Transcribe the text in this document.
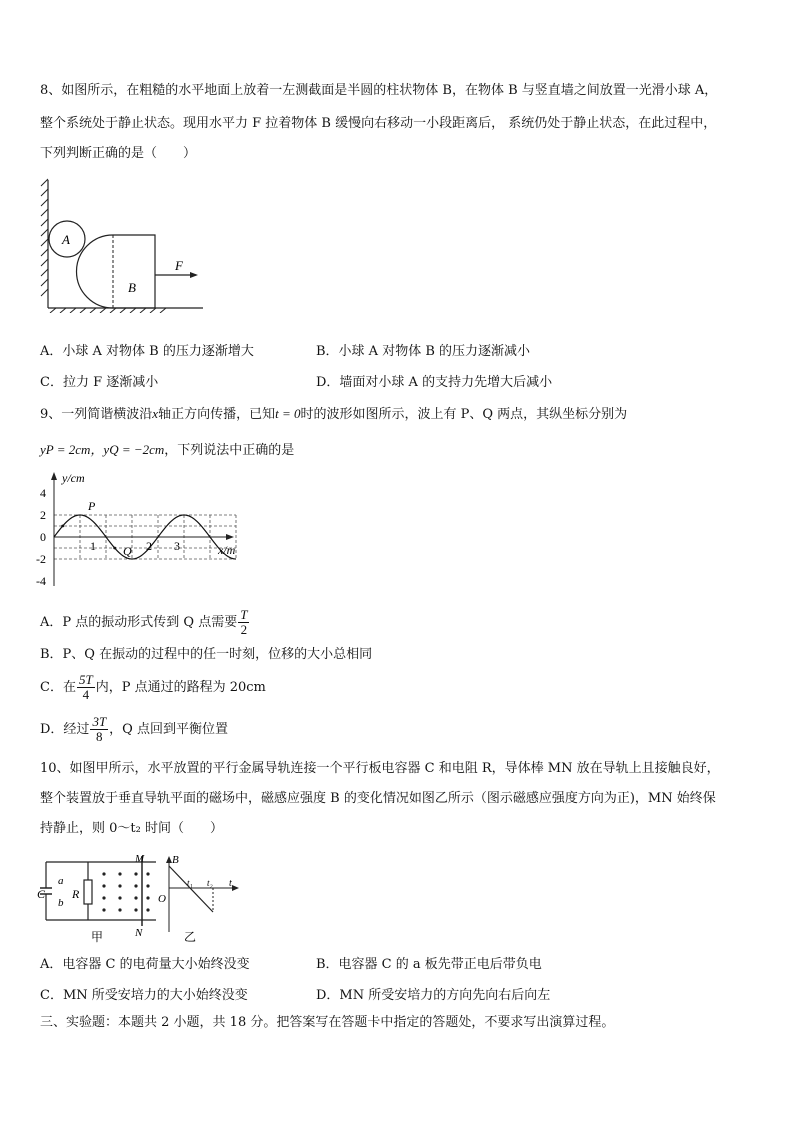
8、如图所示，在粗糙的水平地面上放着一左测截面是半圆的柱状物体 B，在物体 B 与竖直墙之间放置一光滑小球 A，
整个系统处于静止状态。现用水平力 F 拉着物体 B 缓慢向右移动一小段距离后， 系统仍处于静止状态，在此过程中，
下列判断正确的是（　　）
A
B
F
A．小球 A 对物体 B 的压力逐渐增大	B．小球 A 对物体 B 的压力逐渐减小
C．拉力 F 逐渐减小	D．墙面对小球 A 的支持力先增大后减小
9、一列简谐横波沿x轴正方向传播，已知t = 0时的波形如图所示，波上有 P、Q 两点，其纵坐标分别为
yP = 2cm，yQ = −2cm，下列说法中正确的是
y/cm
x/m
4
2
0
-2
-4
1	2 3
P
Q
A．P 点的振动形式传到 Q 点需要 $\frac{T}{2}$
B．P、Q 在振动的过程中的任一时刻，位移的大小总相同
C．在 $\frac{5T}{4}$ 内，P 点通过的路程为 20cm
D．经过 $\frac{3T}{8}$ ，Q 点回到平衡位置
10、如图甲所示，水平放置的平行金属导轨连接一个平行板电容器 C 和电阻 R，导体棒 MN 放在导轨上且接触良好，
整个装置放于垂直导轨平面的磁场中，磁感应强度 B 的变化情况如图乙所示（图示磁感应强度方向为正)，MN 始终保
持静止，则 0～t₂ 时间（　　）
C
a
b
R
M
N
甲
B
O
t
t₁ t₂
乙
A．电容器 C 的电荷量大小始终没变	B．电容器 C 的 a 板先带正电后带负电
C．MN 所受安培力的大小始终没变	D．MN 所受安培力的方向先向右后向左
三、实验题：本题共 2 小题，共 18 分。把答案写在答题卡中指定的答题处，不要求写出演算过程。
